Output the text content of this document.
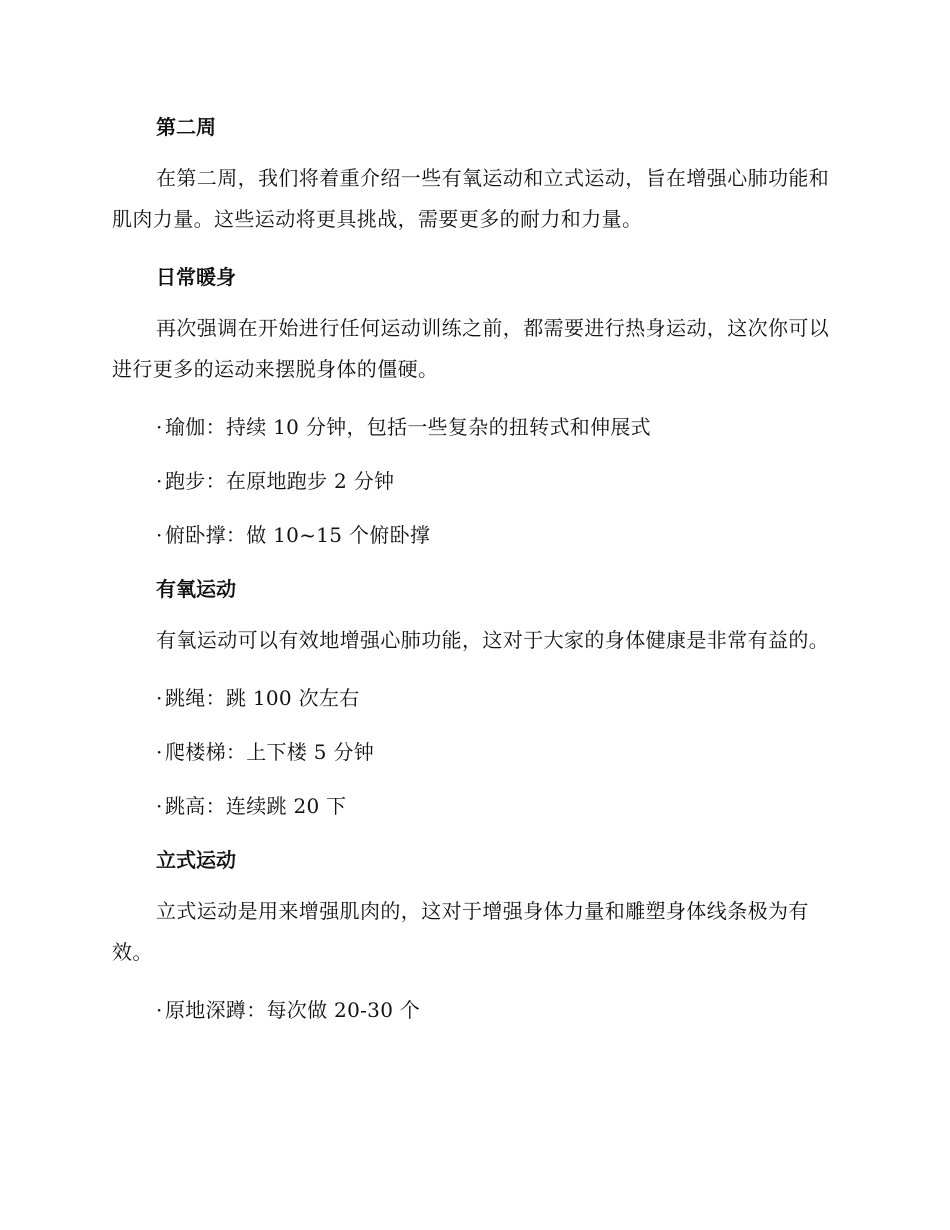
第二周
在第二周，我们将着重介绍一些有氧运动和立式运动，旨在增强心肺功能和肌肉力量。这些运动将更具挑战，需要更多的耐力和力量。
日常暖身
再次强调在开始进行任何运动训练之前，都需要进行热身运动，这次你可以进行更多的运动来摆脱身体的僵硬。
· 瑜伽：持续 10 分钟，包括一些复杂的扭转式和伸展式
· 跑步：在原地跑步 2 分钟
· 俯卧撑：做 10~15 个俯卧撑
有氧运动
有氧运动可以有效地增强心肺功能，这对于大家的身体健康是非常有益的。
· 跳绳：跳 100 次左右
· 爬楼梯：上下楼 5 分钟
· 跳高：连续跳 20 下
立式运动
立式运动是用来增强肌肉的，这对于增强身体力量和雕塑身体线条极为有效。
· 原地深蹲：每次做 20-30 个
